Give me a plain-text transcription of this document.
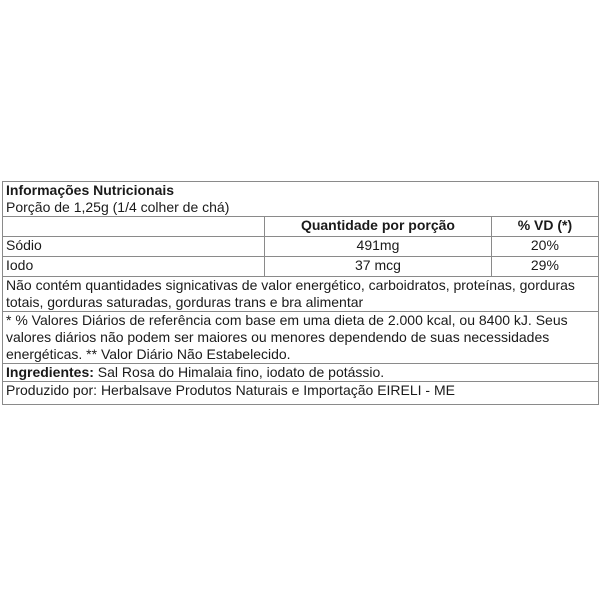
Informações Nutricionais
Porção de 1,25g (1/4 colher de chá)		

	Quantidade por porção	% VD (*)
Sódio	491mg	20%
Iodo	37 mcg	29%
Não contém quantidades signicativas de valor energético, carboidratos, proteínas, gorduras totais, gorduras saturadas, gorduras trans e bra alimentar		
* % Valores Diários de referência com base em uma dieta de 2.000 kcal, ou 8400 kJ. Seus valores diários não podem ser maiores ou menores dependendo de suas necessidades energéticas. ** Valor Diário Não Estabelecido.		
Ingredientes: Sal Rosa do Himalaia fino, iodato de potássio.		
Produzido por: Herbalsave Produtos Naturais e Importação EIRELI - ME		
